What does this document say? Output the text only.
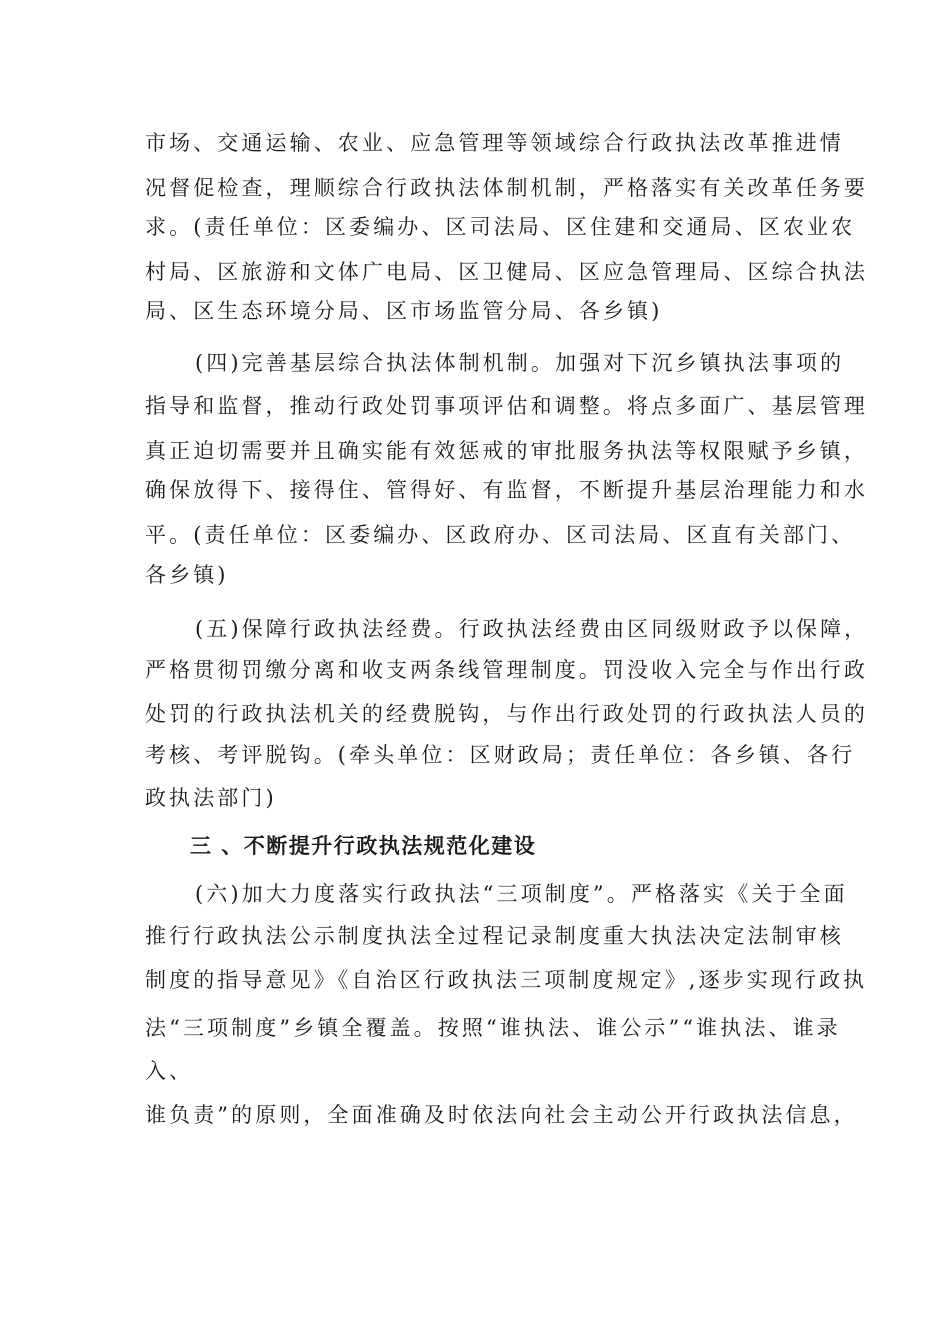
市场、交通运输、农业、应急管理等领域综合行政执法改革推进情
况督促检查，理顺综合行政执法体制机制，严格落实有关改革任务要
求。(责任单位：区委编办、区司法局、区住建和交通局、区农业农
村局、区旅游和文体广电局、区卫健局、区应急管理局、区综合执法
局、区生态环境分局、区市场监管分局、各乡镇)
(四)完善基层综合执法体制机制。加强对下沉乡镇执法事项的
指导和监督，推动行政处罚事项评估和调整。将点多面广、基层管理
真正迫切需要并且确实能有效惩戒的审批服务执法等权限赋予乡镇，
确保放得下、接得住、管得好、有监督，不断提升基层治理能力和水
平。(责任单位：区委编办、区政府办、区司法局、区直有关部门、
各乡镇)
(五)保障行政执法经费。行政执法经费由区同级财政予以保障，
严格贯彻罚缴分离和收支两条线管理制度。罚没收入完全与作出行政
处罚的行政执法机关的经费脱钩，与作出行政处罚的行政执法人员的
考核、考评脱钩。(牵头单位：区财政局；责任单位：各乡镇、各行
政执法部门)
三 、不断提升行政执法规范化建设
(六)加大力度落实行政执法“三项制度”。严格落实《关于全面
推行行政执法公示制度执法全过程记录制度重大执法决定法制审核
制度的指导意见》《自治区行政执法三项制度规定》,逐步实现行政执
法“三项制度”乡镇全覆盖。按照“谁执法、谁公示”“谁执法、谁录
入、
谁负责”的原则，全面准确及时依法向社会主动公开行政执法信息，
